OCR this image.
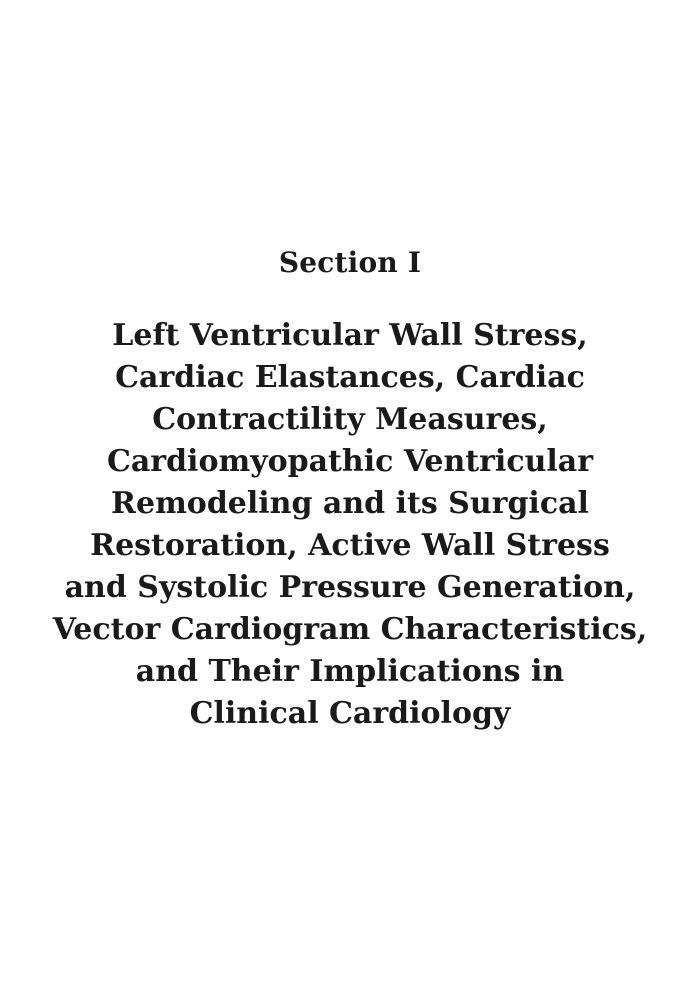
Section I
Left Ventricular Wall Stress,
Cardiac Elastances, Cardiac
Contractility Measures,
Cardiomyopathic Ventricular
Remodeling and its Surgical
Restoration, Active Wall Stress
and Systolic Pressure Generation,
Vector Cardiogram Characteristics,
and Their Implications in
Clinical Cardiology
